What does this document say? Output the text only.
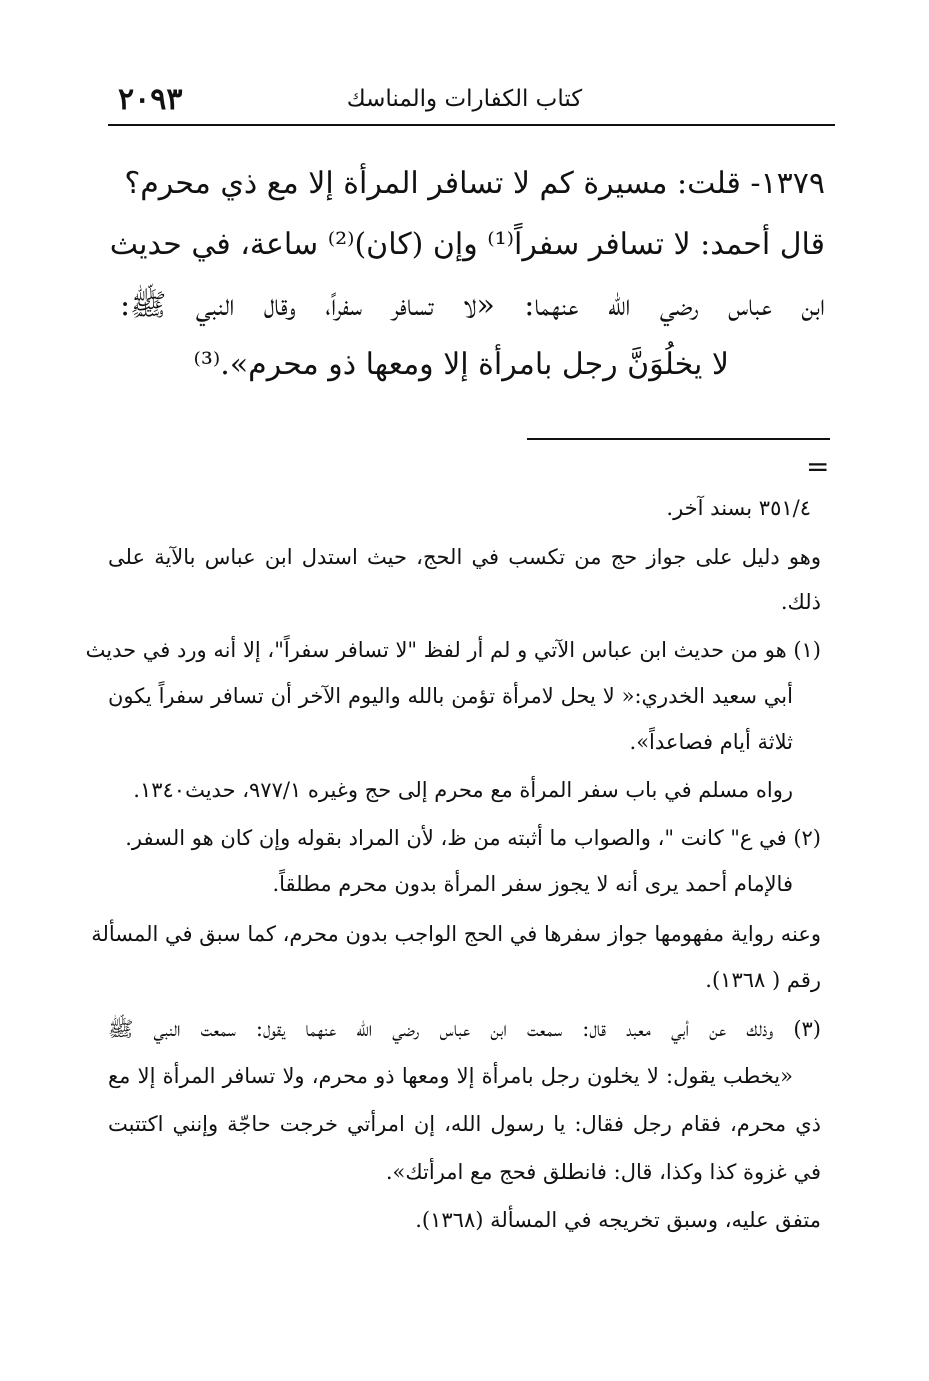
كتاب الكفارات والمناسك
٢٠٩٣
١٣٧٩- قلت: مسيرة كم لا تسافر المرأة إلا مع ذي محرم؟
قال أحمد: لا تسافر سفراً⁽¹⁾ وإن (كان)⁽²⁾ ساعة، في حديث
ابن عباس رضي الله عنهما: «لا تسافر سفراً، وقال النبي ﷺ:
لا يخلُوَنَّ رجل بامرأة إلا ومعها ذو محرم».⁽³⁾
=
٣٥١/٤ بسند آخر.
وهو دليل على جواز حج من تكسب في الحج، حيث استدل ابن عباس بالآية على
ذلك.
(١) هو من حديث ابن عباس الآتي و لم أر لفظ "لا تسافر سفراً"، إلا أنه ورد في حديث
أبي سعيد الخدري:« لا يحل لامرأة تؤمن بالله واليوم الآخر أن تسافر سفراً يكون
ثلاثة أيام فصاعداً».
رواه مسلم في باب سفر المرأة مع محرم إلى حج وغيره ٩٧٧/١، حديث١٣٤٠.
(٢) في ع" كانت "، والصواب ما أثبته من ظ، لأن المراد بقوله وإن كان هو السفر.
فالإمام أحمد يرى أنه لا يجوز سفر المرأة بدون محرم مطلقاً.
وعنه رواية مفهومها جواز سفرها في الحج الواجب بدون محرم، كما سبق في المسألة
رقم ( ١٣٦٨).
(٣) وذلك عن أبي معبد قال: سمعت ابن عباس رضي الله عنهما يقول: سمعت النبي ﷺ
«يخطب يقول: لا يخلون رجل بامرأة إلا ومعها ذو محرم، ولا تسافر المرأة إلا مع
ذي محرم، فقام رجل فقال: يا رسول الله، إن امرأتي خرجت حاجّة وإنني اكتتبت
في غزوة كذا وكذا، قال: فانطلق فحج مع امرأتك».
متفق عليه، وسبق تخريجه في المسألة (١٣٦٨).
